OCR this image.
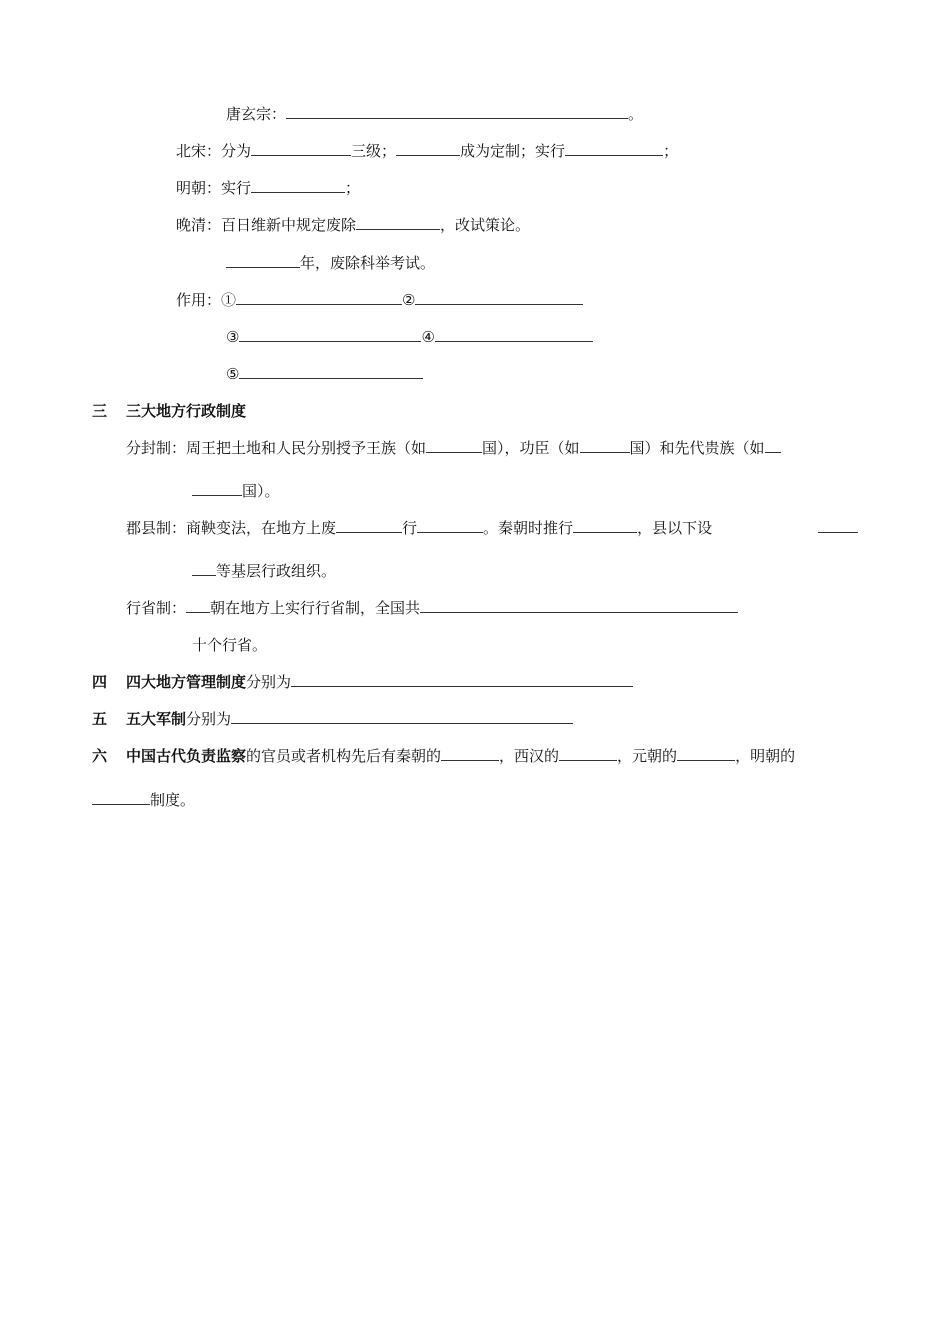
唐玄宗：	。
北宋：分为	三级；	成为定制；实行	；
明朝：实行	；
晚清：百日维新中规定废除	，改试策论。
年，废除科举考试。
作用：①	②
③	④
⑤
三 三大地方行政制度
分封制：周王把土地和人民分别授予王族（如	国），功臣（如	国）和先代贵族（如
国）。
郡县制：商鞅变法，在地方上废	行	。秦朝时推行	，县以下设
等基层行政组织。
行省制： 朝在地方上实行行省制，全国共
十个行省。
四 四大地方管理制度分别为
五 五大军制分别为
六 中国古代负责监察的官员或者机构先后有秦朝的	，西汉的	，元朝的	，明朝的
制度。
